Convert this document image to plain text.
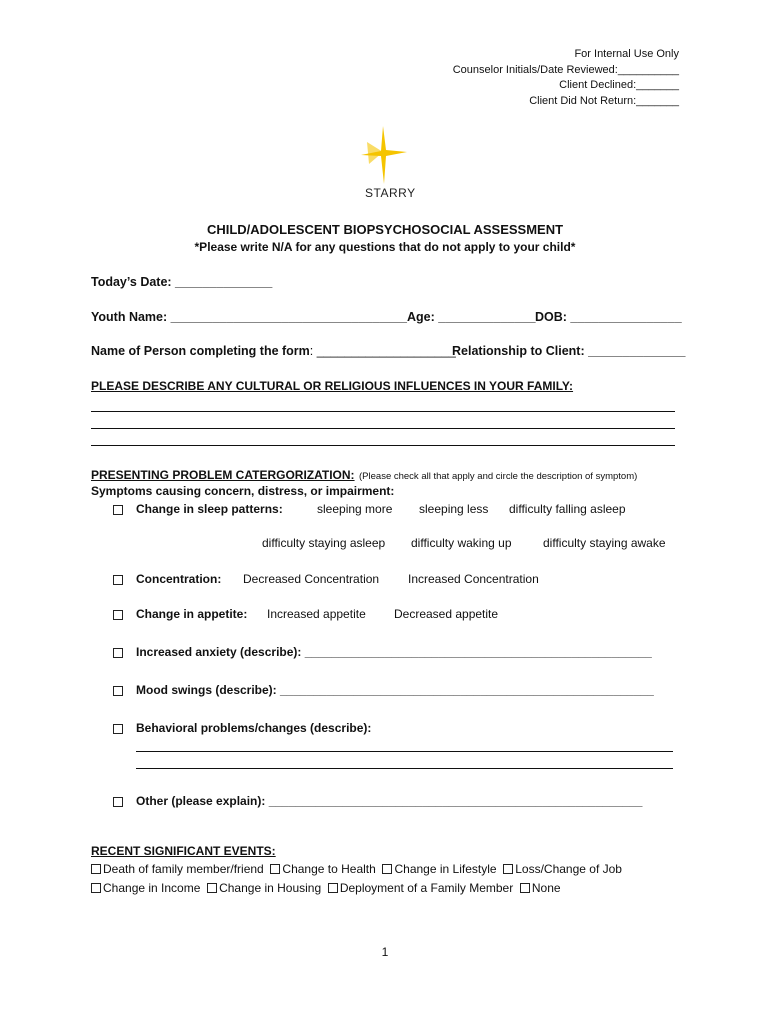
For Internal Use Only
Counselor Initials/Date Reviewed:__________
Client Declined:_______
Client Did Not Return:_______
STARRY
CHILD/ADOLESCENT BIOPSYCHOSOCIAL ASSESSMENT
*Please write N/A for any questions that do not apply to your child*
Today’s Date: ______________
Youth Name: __________________________________ Age: ______________ DOB: ________________
Name of Person completing the form: ____________________
Relationship to Client: ______________
PLEASE DESCRIBE ANY CULTURAL OR RELIGIOUS INFLUENCES IN YOUR FAMILY:
PRESENTING PROBLEM CATERGORIZATION: (Please check all that apply and circle the description of symptom)
Symptoms causing concern, distress, or impairment:
Change in sleep patterns:	sleeping more sleeping less difficulty falling asleep
difficulty staying asleep difficulty waking up	difficulty staying awake
Concentration: Decreased Concentration Increased Concentration
Change in appetite: Increased appetite Decreased appetite
Increased anxiety (describe): ____________________________________________________
Mood swings (describe): ________________________________________________________
Behavioral problems/changes (describe):
Other (please explain): ________________________________________________________
RECENT SIGNIFICANT EVENTS:
Death of family member/friend Change to Health Change in Lifestyle Loss/Change of Job
Change in Income Change in Housing Deployment of a Family Member None
1
